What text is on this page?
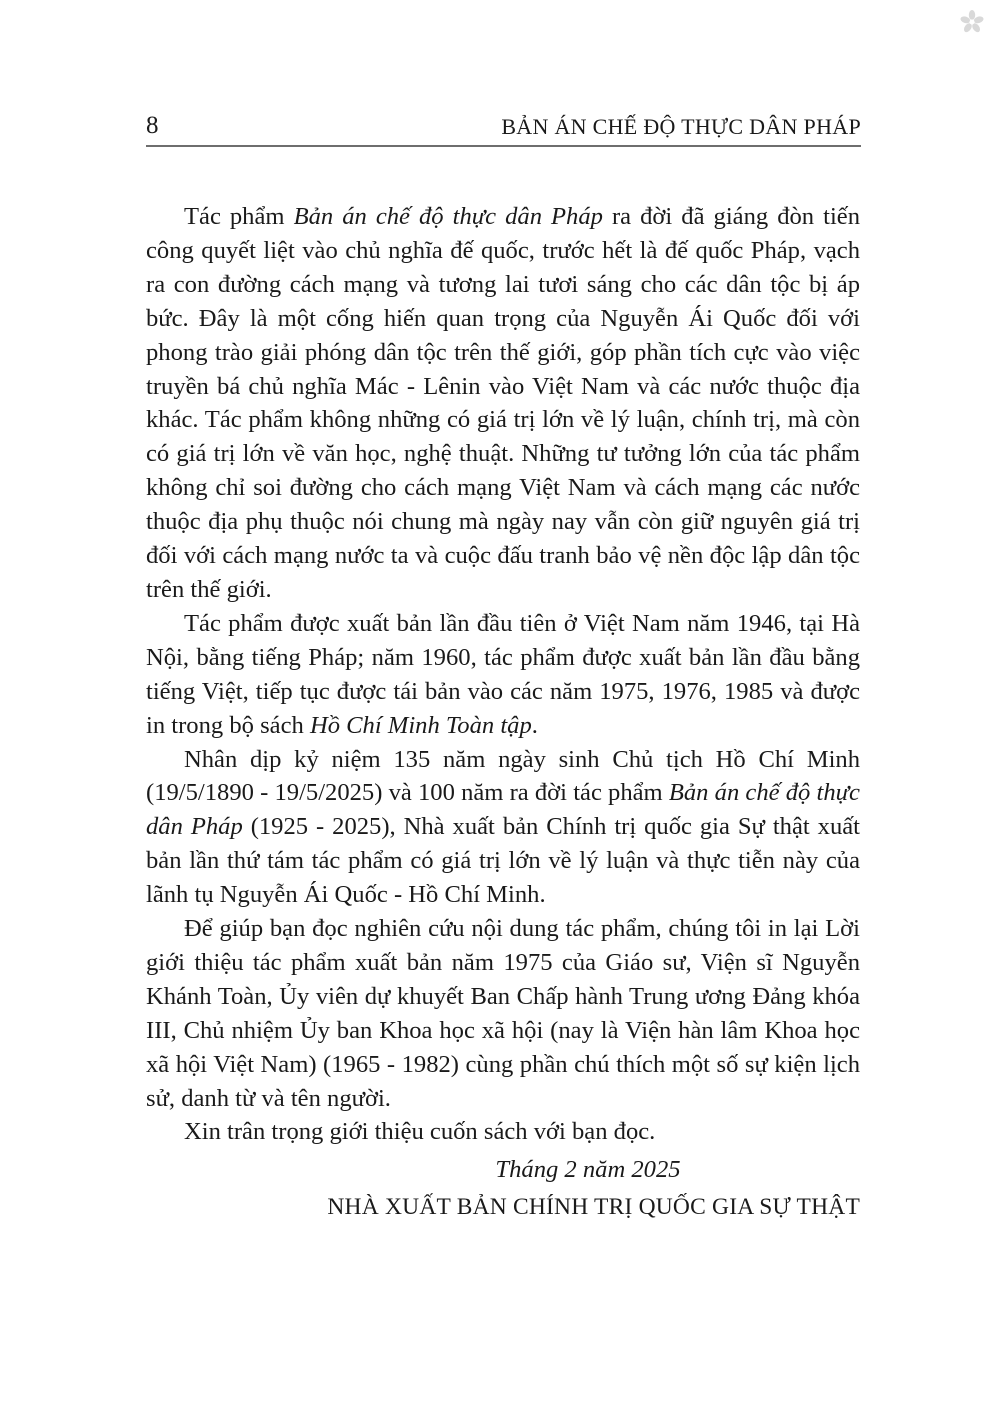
8	BẢN ÁN CHẾ ĐỘ THỰC DÂN PHÁP

Tác phẩm Bản án chế độ thực dân Pháp ra đời đã giáng đòn tiến công quyết liệt vào chủ nghĩa đế quốc, trước hết là đế quốc Pháp, vạch ra con đường cách mạng và tương lai tươi sáng cho các dân tộc bị áp bức. Đây là một cống hiến quan trọng của Nguyễn Ái Quốc đối với phong trào giải phóng dân tộc trên thế giới, góp phần tích cực vào việc truyền bá chủ nghĩa Mác - Lênin vào Việt Nam và các nước thuộc địa khác. Tác phẩm không những có giá trị lớn về lý luận, chính trị, mà còn có giá trị lớn về văn học, nghệ thuật. Những tư tưởng lớn của tác phẩm không chỉ soi đường cho cách mạng Việt Nam và cách mạng các nước thuộc địa phụ thuộc nói chung mà ngày nay vẫn còn giữ nguyên giá trị đối với cách mạng nước ta và cuộc đấu tranh bảo vệ nền độc lập dân tộc trên thế giới.

Tác phẩm được xuất bản lần đầu tiên ở Việt Nam năm 1946, tại Hà Nội, bằng tiếng Pháp; năm 1960, tác phẩm được xuất bản lần đầu bằng tiếng Việt, tiếp tục được tái bản vào các năm 1975, 1976, 1985 và được in trong bộ sách Hồ Chí Minh Toàn tập.

Nhân dịp kỷ niệm 135 năm ngày sinh Chủ tịch Hồ Chí Minh (19/5/1890 - 19/5/2025) và 100 năm ra đời tác phẩm Bản án chế độ thực dân Pháp (1925 - 2025), Nhà xuất bản Chính trị quốc gia Sự thật xuất bản lần thứ tám tác phẩm có giá trị lớn về lý luận và thực tiễn này của lãnh tụ Nguyễn Ái Quốc - Hồ Chí Minh.

Để giúp bạn đọc nghiên cứu nội dung tác phẩm, chúng tôi in lại Lời giới thiệu tác phẩm xuất bản năm 1975 của Giáo sư, Viện sĩ Nguyễn Khánh Toàn, Ủy viên dự khuyết Ban Chấp hành Trung ương Đảng khóa III, Chủ nhiệm Ủy ban Khoa học xã hội (nay là Viện hàn lâm Khoa học xã hội Việt Nam) (1965 - 1982) cùng phần chú thích một số sự kiện lịch sử, danh từ và tên người.

Xin trân trọng giới thiệu cuốn sách với bạn đọc.

Tháng 2 năm 2025
NHÀ XUẤT BẢN CHÍNH TRỊ QUỐC GIA SỰ THẬT
